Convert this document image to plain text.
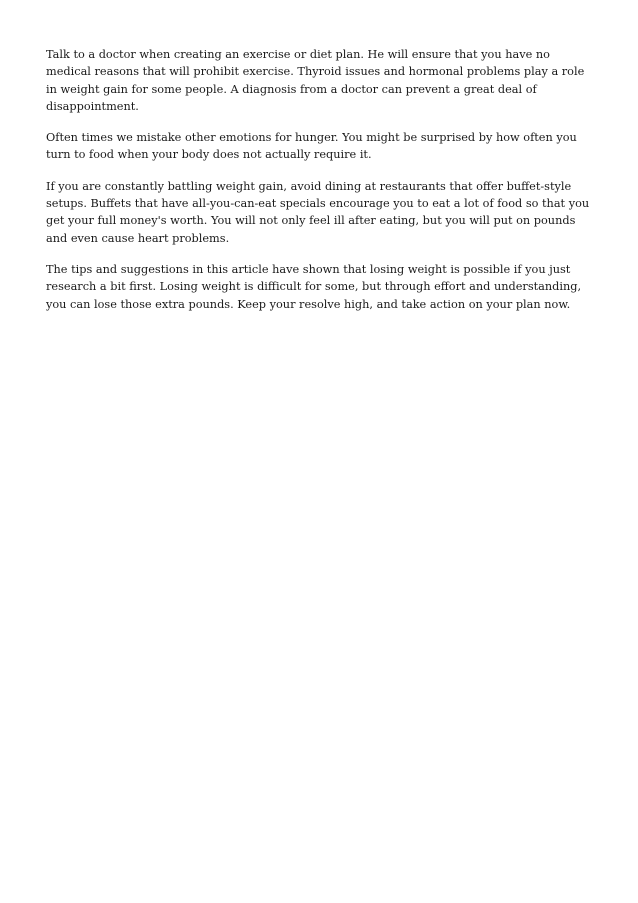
Talk to a doctor when creating an exercise or diet plan. He will ensure that you have no medical reasons that will prohibit exercise. Thyroid issues and hormonal problems play a role in weight gain for some people. A diagnosis from a doctor can prevent a great deal of disappointment.

Often times we mistake other emotions for hunger. You might be surprised by how often you turn to food when your body does not actually require it.

If you are constantly battling weight gain, avoid dining at restaurants that offer buffet-style setups. Buffets that have all-you-can-eat specials encourage you to eat a lot of food so that you get your full money's worth. You will not only feel ill after eating, but you will put on pounds and even cause heart problems.

The tips and suggestions in this article have shown that losing weight is possible if you just research a bit first. Losing weight is difficult for some, but through effort and understanding, you can lose those extra pounds. Keep your resolve high, and take action on your plan now.
